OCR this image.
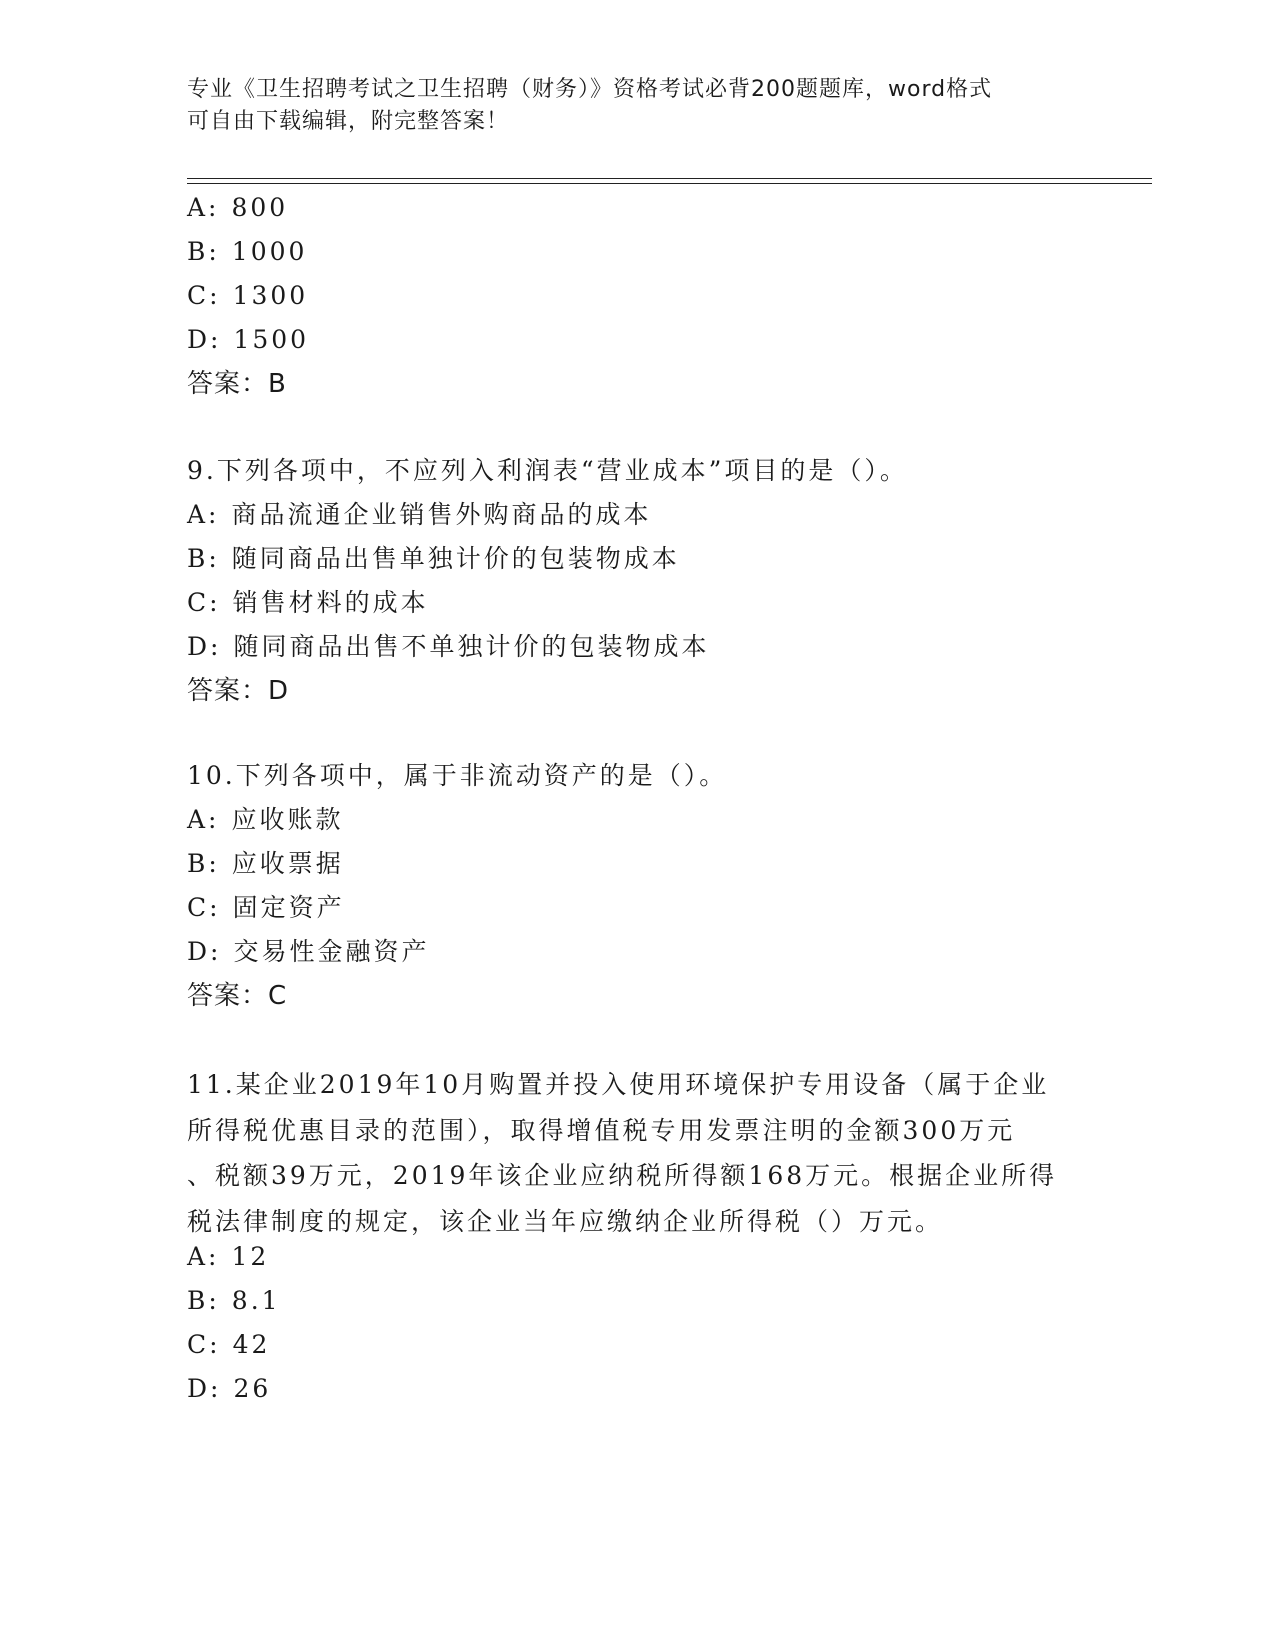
专业《卫生招聘考试之卫生招聘（财务）》资格考试必背200题题库，word格式
可自由下载编辑，附完整答案！
A: 800
B: 1000
C: 1300
D: 1500
答案：B
9.下列各项中，不应列入利润表“营业成本”项目的是（）。
A: 商品流通企业销售外购商品的成本
B: 随同商品出售单独计价的包装物成本
C: 销售材料的成本
D: 随同商品出售不单独计价的包装物成本
答案：D
10.下列各项中，属于非流动资产的是（）。
A: 应收账款
B: 应收票据
C: 固定资产
D: 交易性金融资产
答案：C
11.某企业2019年10月购置并投入使用环境保护专用设备（属于企业
所得税优惠目录的范围），取得增值税专用发票注明的金额300万元
、税额39万元，2019年该企业应纳税所得额168万元。根据企业所得
税法律制度的规定，该企业当年应缴纳企业所得税（）万元。
A: 12
B: 8.1
C: 42
D: 26
